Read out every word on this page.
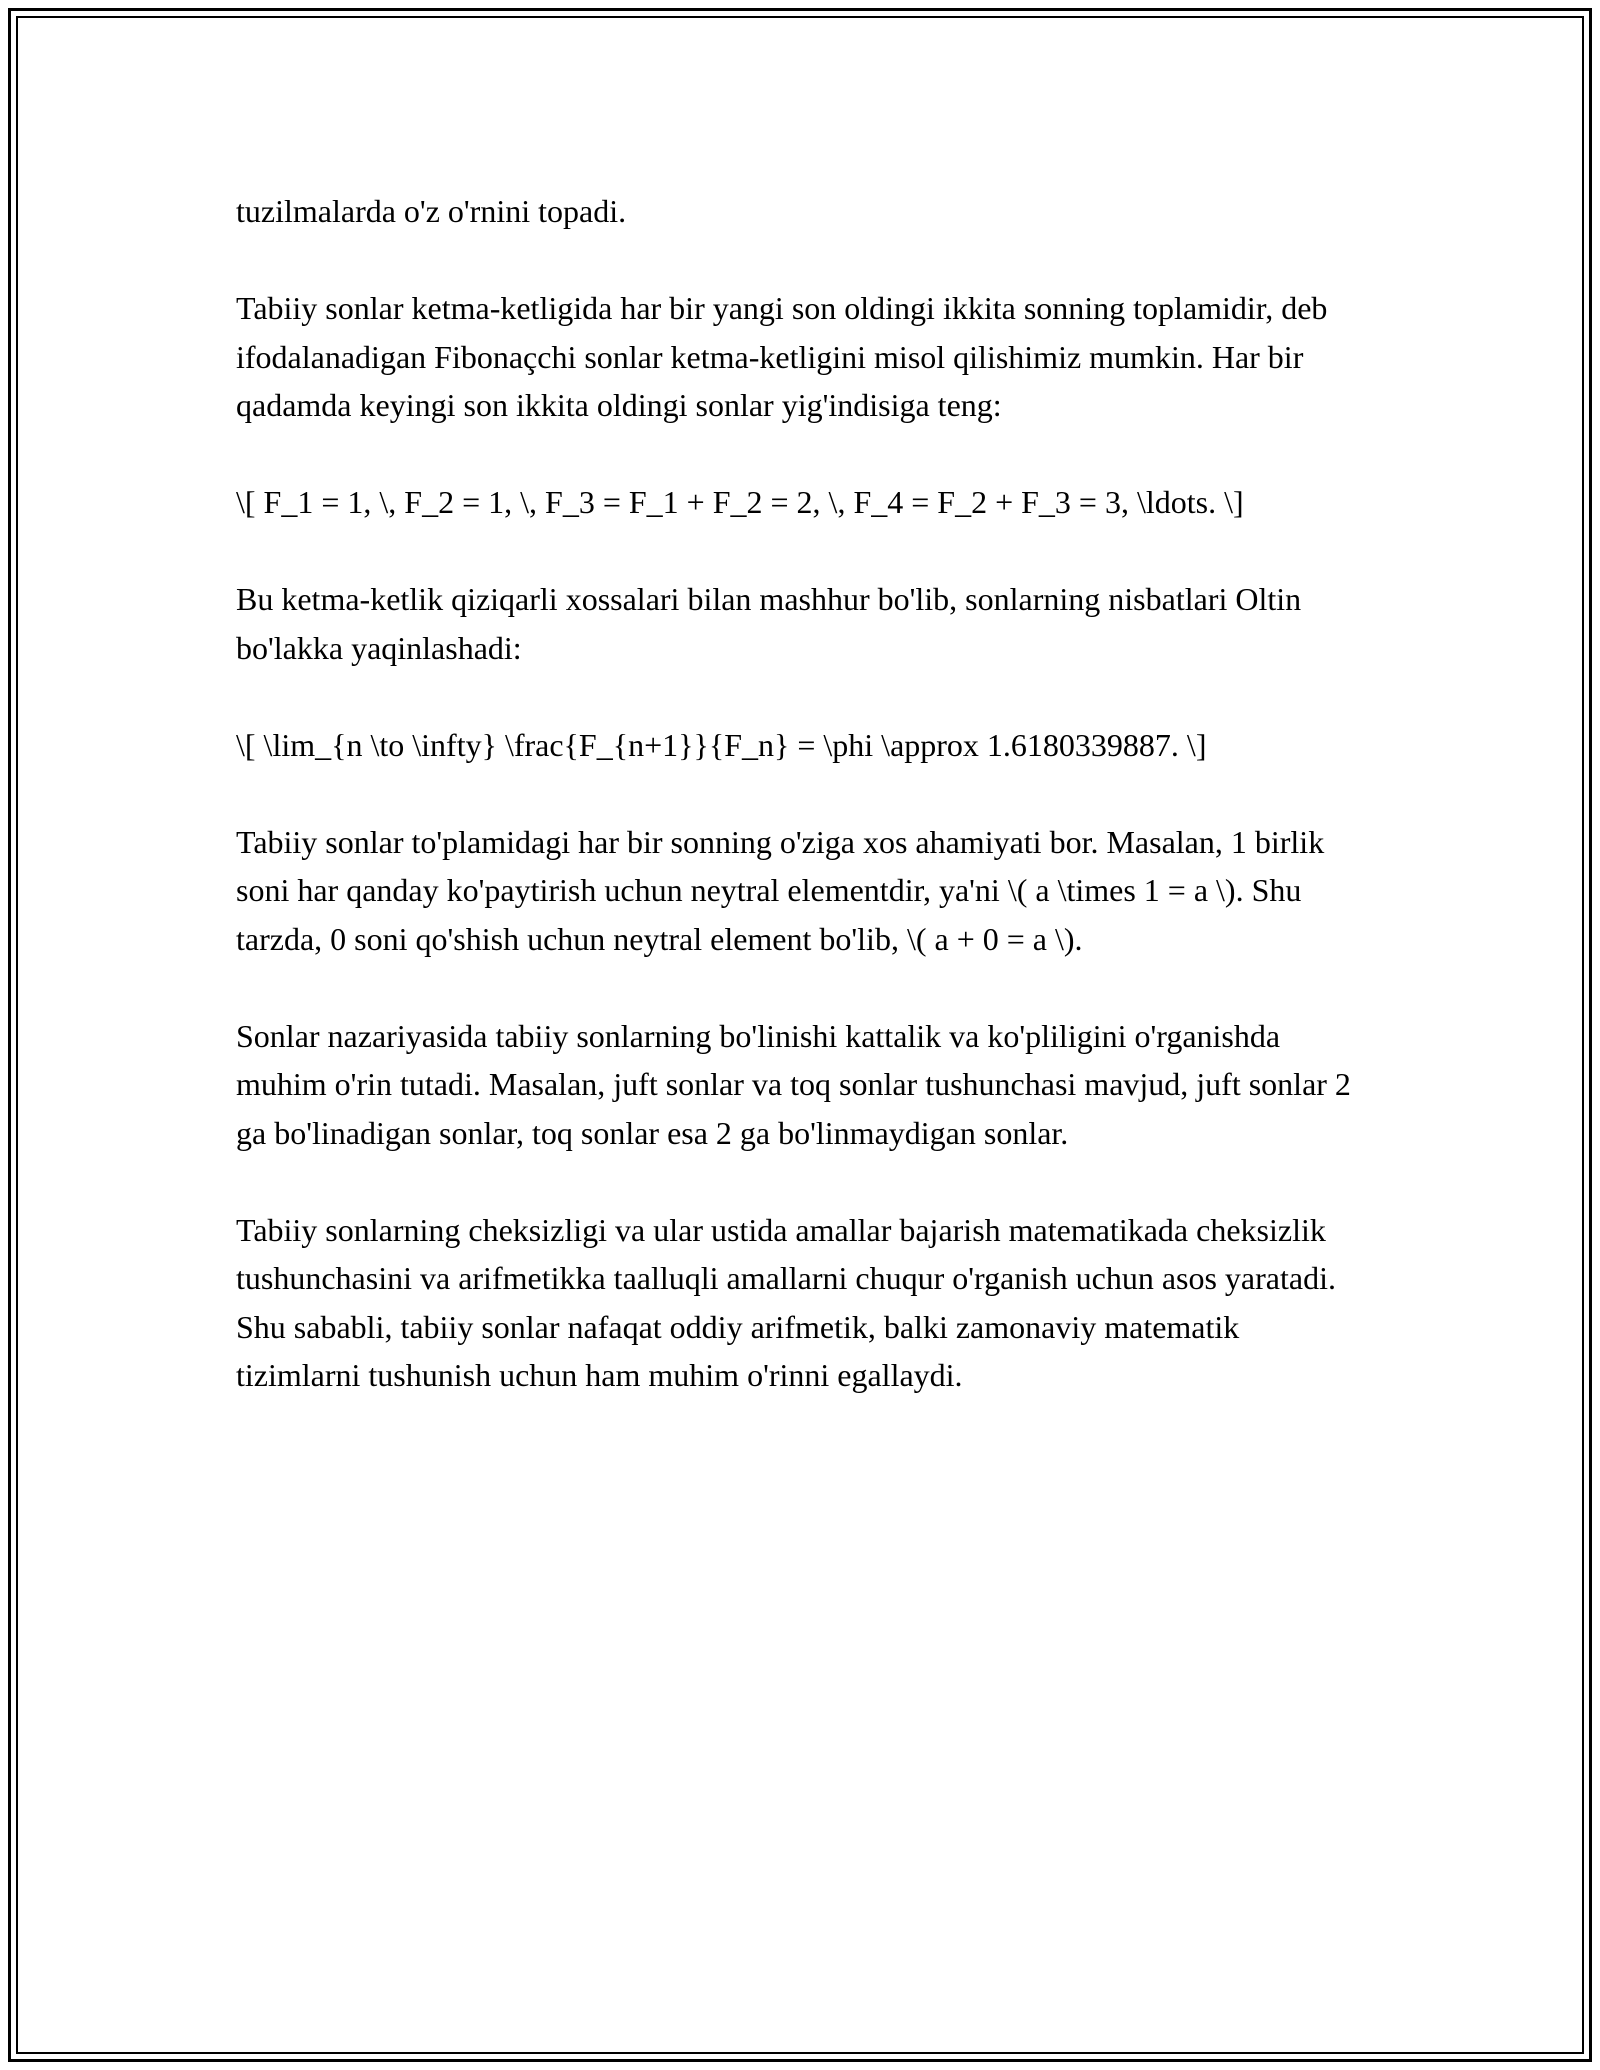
tuzilmalarda o'z o'rnini topadi.

Tabiiy sonlar ketma-ketligida har bir yangi son oldingi ikkita sonning toplamidir, deb ifodalanadigan Fibonaçchi sonlar ketma-ketligini misol qilishimiz mumkin. Har bir qadamda keyingi son ikkita oldingi sonlar yig'indisiga teng:

\[ F_1 = 1, \, F_2 = 1, \, F_3 = F_1 + F_2 = 2, \, F_4 = F_2 + F_3 = 3, \ldots. \]

Bu ketma-ketlik qiziqarli xossalari bilan mashhur bo'lib, sonlarning nisbatlari Oltin bo'lakka yaqinlashadi:

\[ \lim_{n \to \infty} \frac{F_{n+1}}{F_n} = \phi \approx 1.6180339887. \]

Tabiiy sonlar to'plamidagi har bir sonning o'ziga xos ahamiyati bor. Masalan, 1 birlik soni har qanday ko'paytirish uchun neytral elementdir, ya'ni \( a \times 1 = a \). Shu tarzda, 0 soni qo'shish uchun neytral element bo'lib, \( a + 0 = a \).

Sonlar nazariyasida tabiiy sonlarning bo'linishi kattalik va ko'pliligini o'rganishda muhim o'rin tutadi. Masalan, juft sonlar va toq sonlar tushunchasi mavjud, juft sonlar 2 ga bo'linadigan sonlar, toq sonlar esa 2 ga bo'linmaydigan sonlar.

Tabiiy sonlarning cheksizligi va ular ustida amallar bajarish matematikada cheksizlik tushunchasini va arifmetikka taalluqli amallarni chuqur o'rganish uchun asos yaratadi. Shu sababli, tabiiy sonlar nafaqat oddiy arifmetik, balki zamonaviy matematik tizimlarni tushunish uchun ham muhim o'rinni egallaydi.
